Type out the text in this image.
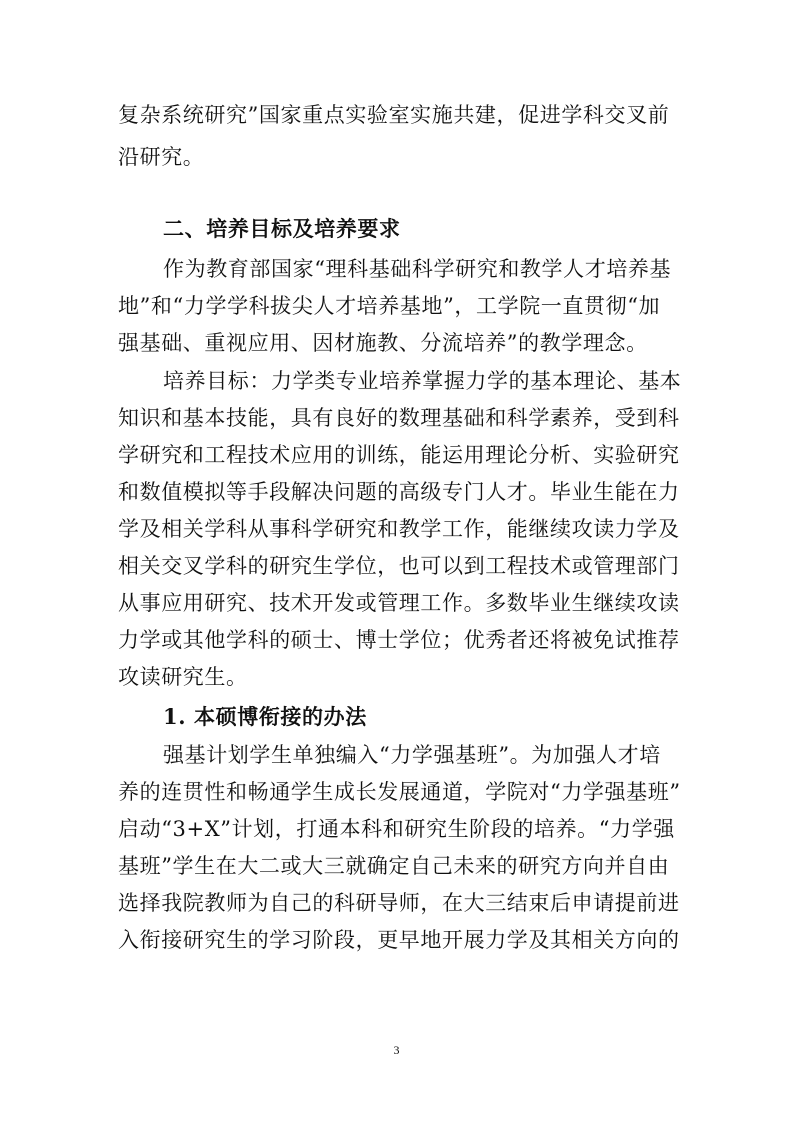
复杂系统研究”国家重点实验室实施共建，促进学科交叉前
沿研究。
二、培养目标及培养要求
作为教育部国家“理科基础科学研究和教学人才培养基
地”和“力学学科拔尖人才培养基地”，工学院一直贯彻“加
强基础、重视应用、因材施教、分流培养”的教学理念。
培养目标：力学类专业培养掌握力学的基本理论、基本
知识和基本技能，具有良好的数理基础和科学素养，受到科
学研究和工程技术应用的训练，能运用理论分析、实验研究
和数值模拟等手段解决问题的高级专门人才。毕业生能在力
学及相关学科从事科学研究和教学工作，能继续攻读力学及
相关交叉学科的研究生学位，也可以到工程技术或管理部门
从事应用研究、技术开发或管理工作。多数毕业生继续攻读
力学或其他学科的硕士、博士学位；优秀者还将被免试推荐
攻读研究生。
1. 本硕博衔接的办法
强基计划学生单独编入“力学强基班”。为加强人才培
养的连贯性和畅通学生成长发展通道，学院对“力学强基班”
启动“3+X”计划，打通本科和研究生阶段的培养。“力学强
基班”学生在大二或大三就确定自己未来的研究方向并自由
选择我院教师为自己的科研导师，在大三结束后申请提前进
入衔接研究生的学习阶段，更早地开展力学及其相关方向的
3
